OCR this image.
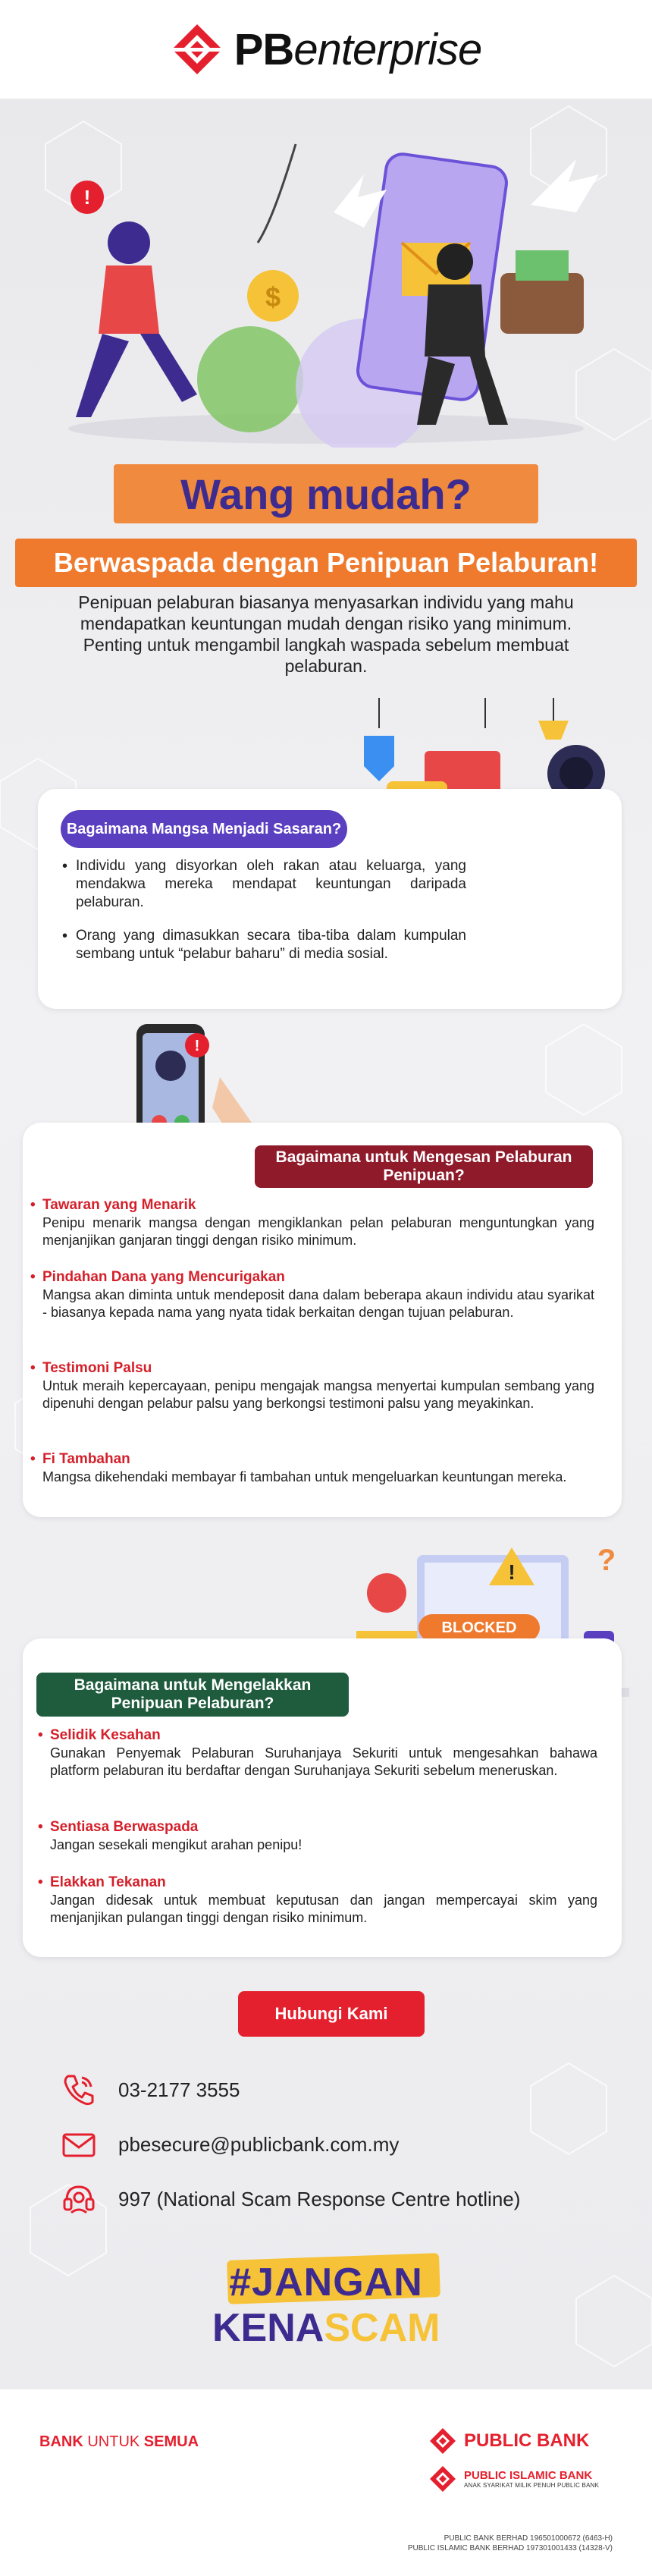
PBenterprise
$
!
Wang mudah?
Berwaspada dengan Penipuan Pelaburan!
Penipuan pelaburan biasanya menyasarkan individu yang mahu mendapatkan keuntungan mudah dengan risiko yang minimum. Penting untuk mengambil langkah waspada sebelum membuat pelaburan.
Bagaimana Mangsa Menjadi Sasaran?
• Individu yang disyorkan oleh rakan atau keluarga, yang mendakwa mereka mendapat keuntungan daripada pelaburan.
• Orang yang dimasukkan secara tiba-tiba dalam kumpulan sembang untuk “pelabur baharu” di media sosial.
!
Bagaimana untuk Mengesan Pelaburan Penipuan?
• Tawaran yang Menarik
Penipu menarik mangsa dengan mengiklankan pelan pelaburan menguntungkan yang menjanjikan ganjaran tinggi dengan risiko minimum.
• Pindahan Dana yang Mencurigakan
Mangsa akan diminta untuk mendeposit dana dalam beberapa akaun individu atau syarikat - biasanya kepada nama yang nyata tidak berkaitan dengan tujuan pelaburan.
• Testimoni Palsu
Untuk meraih kepercayaan, penipu mengajak mangsa menyertai kumpulan sembang yang dipenuhi dengan pelabur palsu yang berkongsi testimoni palsu yang meyakinkan.
• Fi Tambahan
Mangsa dikehendaki membayar fi tambahan untuk mengeluarkan keuntungan mereka.
!	?
BLOCKED
Bagaimana untuk Mengelakkan Penipuan Pelaburan?
• Selidik Kesahan
Gunakan Penyemak Pelaburan Suruhanjaya Sekuriti untuk mengesahkan bahawa platform pelaburan itu berdaftar dengan Suruhanjaya Sekuriti sebelum meneruskan.
• Sentiasa Berwaspada
Jangan sesekali mengikut arahan penipu!
• Elakkan Tekanan
Jangan didesak untuk membuat keputusan dan jangan mempercayai skim yang menjanjikan pulangan tinggi dengan risiko minimum.
Hubungi Kami
03-2177 3555
pbesecure@publicbank.com.my
997 (National Scam Response Centre hotline)
#JANGAN
KENASCAM
BANK UNTUK SEMUA	PUBLIC BANK
PUBLIC ISLAMIC BANK
ANAK SYARIKAT MILIK PENUH PUBLIC BANK
PUBLIC BANK BERHAD 196501000672 (6463-H)
PUBLIC ISLAMIC BANK BERHAD 197301001433 (14328-V)
